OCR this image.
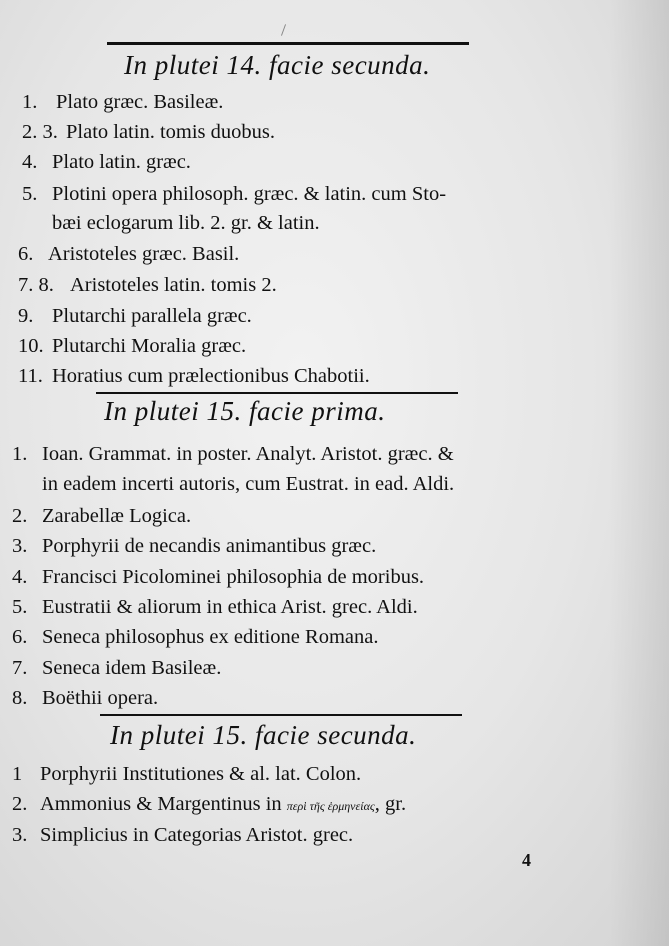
In plutei 14. facie secunda.
1. Plato græc. Basileæ.
2. 3. Plato latin. tomis duobus.
4. Plato latin. græc.
5. Plotini opera philosoph. græc. & latin. cum Sto-
bæi eclogarum lib. 2. gr. & latin.
6. Aristoteles græc. Basil.
7. 8. Aristoteles latin. tomis 2.
9. Plutarchi parallela græc.
10. Plutarchi Moralia græc.
11. Horatius cum prælectionibus Chabotii.
In plutei 15. facie prima.
1. Ioan. Grammat. in poster. Analyt. Aristot. græc. &
in eadem incerti autoris, cum Eustrat. in ead. Aldi.
2. Zarabellæ Logica.
3. Porphyrii de necandis animantibus græc.
4. Francisci Picolominei philosophia de moribus.
5. Eustratii & aliorum in ethica Arist. grec. Aldi.
6. Seneca philosophus ex editione Romana.
7. Seneca idem Basileæ.
8. Boëthii opera.
In plutei 15. facie secunda.
1 Porphyrii Institutiones & al. lat. Colon.
2. Ammonius & Margentinus in περὶ τῆς ἑρμηνείας, gr.
3. Simplicius in Categorias Aristot. grec.
4
